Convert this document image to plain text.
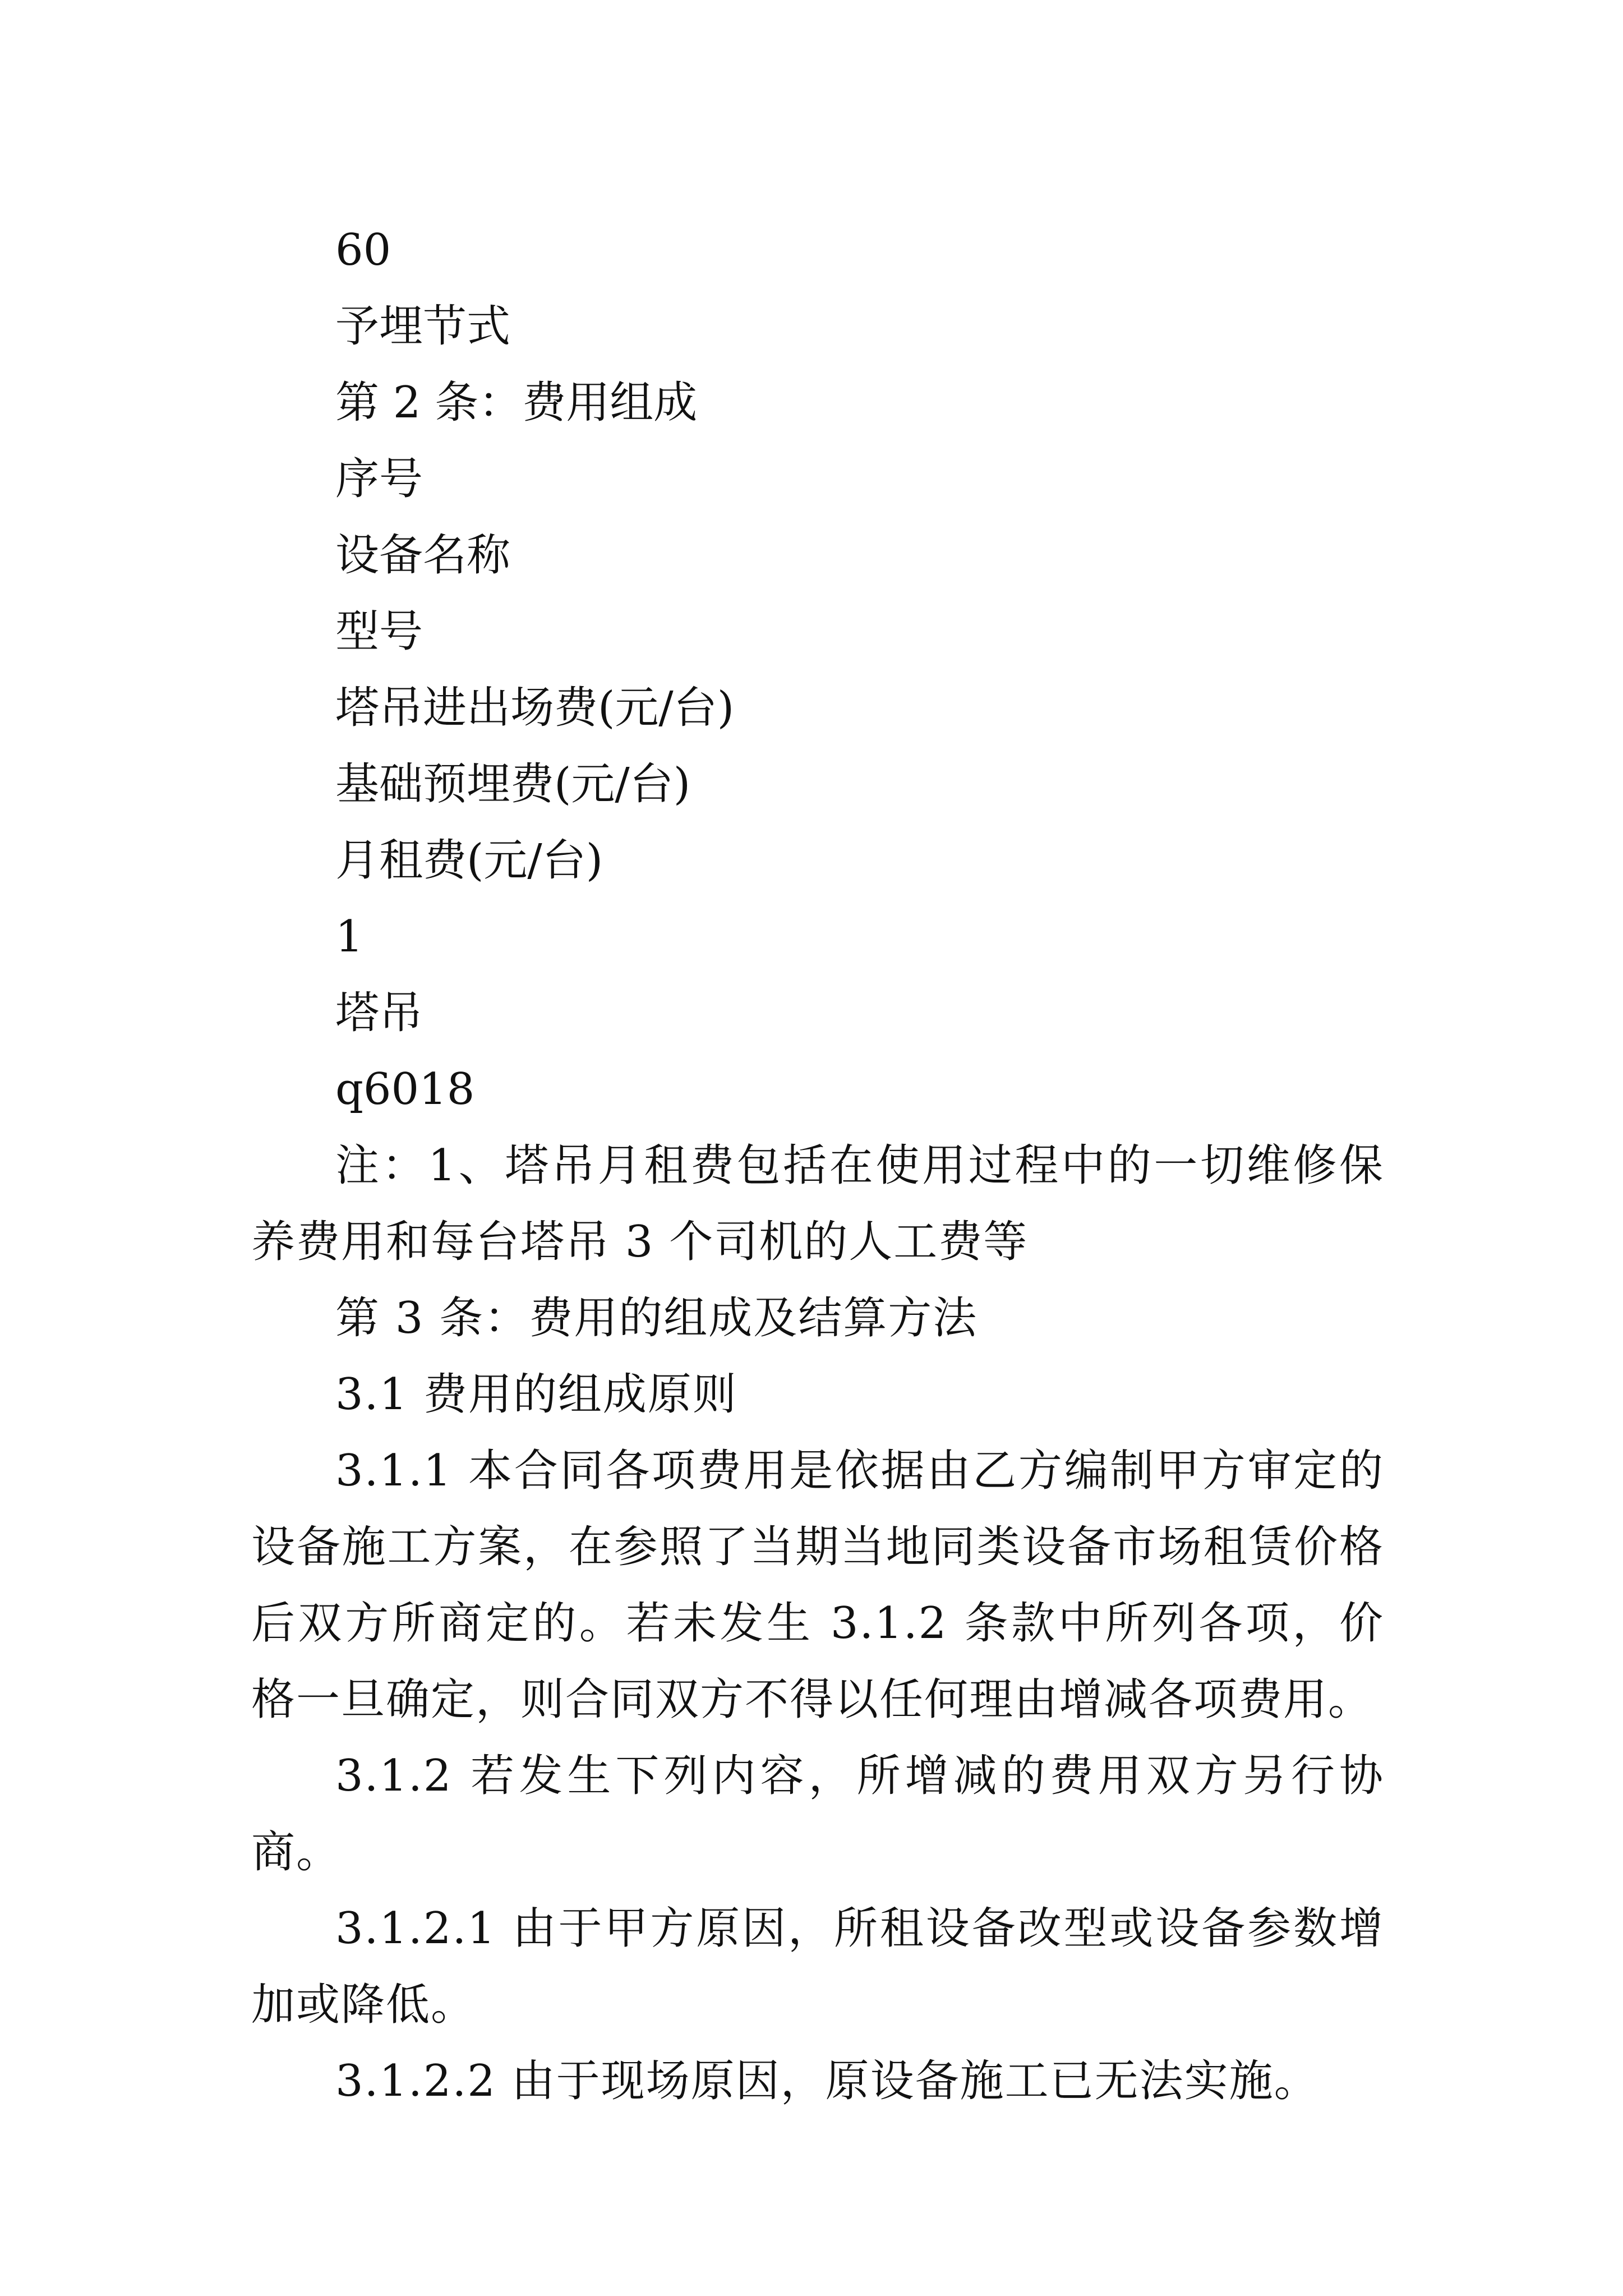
60
予埋节式
第 2 条：费用组成
序号
设备名称
型号
塔吊进出场费(元/台)
基础预埋费(元/台)
月租费(元/台)
1
塔吊
q6018

注：1、塔吊月租费包括在使用过程中的一切维修保养费用和每台塔吊 3 个司机的人工费等

第 3 条：费用的组成及结算方法

3.1 费用的组成原则

3.1.1 本合同各项费用是依据由乙方编制甲方审定的设备施工方案，在参照了当期当地同类设备市场租赁价格后双方所商定的。若未发生 3.1.2 条款中所列各项，价格一旦确定，则合同双方不得以任何理由增减各项费用。

3.1.2 若发生下列内容，所增减的费用双方另行协商。

3.1.2.1 由于甲方原因，所租设备改型或设备参数增加或降低。

3.1.2.2 由于现场原因，原设备施工已无法实施。
